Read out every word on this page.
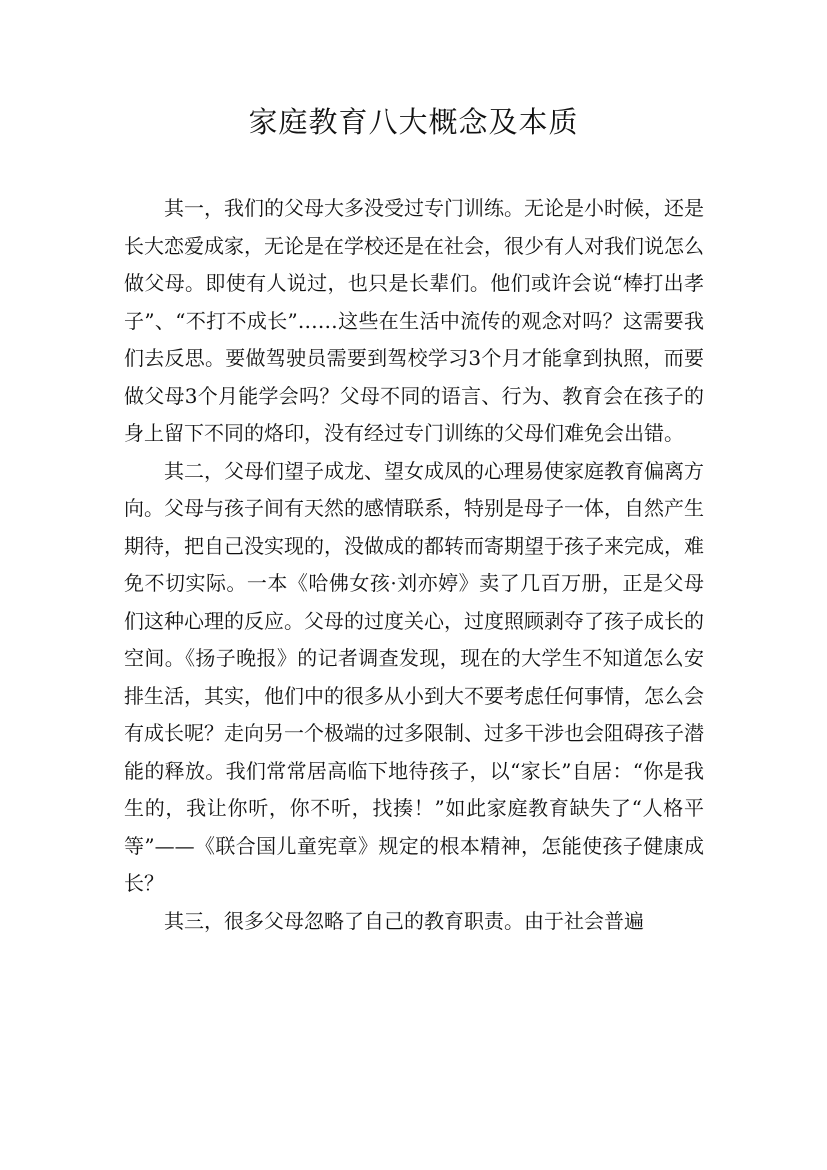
家庭教育八大概念及本质

其一，我们的父母大多没受过专门训练。无论是小时候，还是长大恋爱成家，无论是在学校还是在社会，很少有人对我们说怎么做父母。即使有人说过，也只是长辈们。他们或许会说“棒打出孝子”、“不打不成长”……这些在生活中流传的观念对吗？这需要我们去反思。要做驾驶员需要到驾校学习3个月才能拿到执照，而要做父母3个月能学会吗？父母不同的语言、行为、教育会在孩子的身上留下不同的烙印，没有经过专门训练的父母们难免会出错。

其二，父母们望子成龙、望女成凤的心理易使家庭教育偏离方向。父母与孩子间有天然的感情联系，特别是母子一体，自然产生期待，把自己没实现的，没做成的都转而寄期望于孩子来完成，难免不切实际。一本《哈佛女孩·刘亦婷》卖了几百万册，正是父母们这种心理的反应。父母的过度关心，过度照顾剥夺了孩子成长的空间。《扬子晚报》的记者调查发现，现在的大学生不知道怎么安排生活，其实，他们中的很多从小到大不要考虑任何事情，怎么会有成长呢？走向另一个极端的过多限制、过多干涉也会阻碍孩子潜能的释放。我们常常居高临下地待孩子，以“家长”自居：“你是我生的，我让你听，你不听，找揍！”如此家庭教育缺失了“人格平等”——《联合国儿童宪章》规定的根本精神，怎能使孩子健康成长？

其三，很多父母忽略了自己的教育职责。由于社会普遍
